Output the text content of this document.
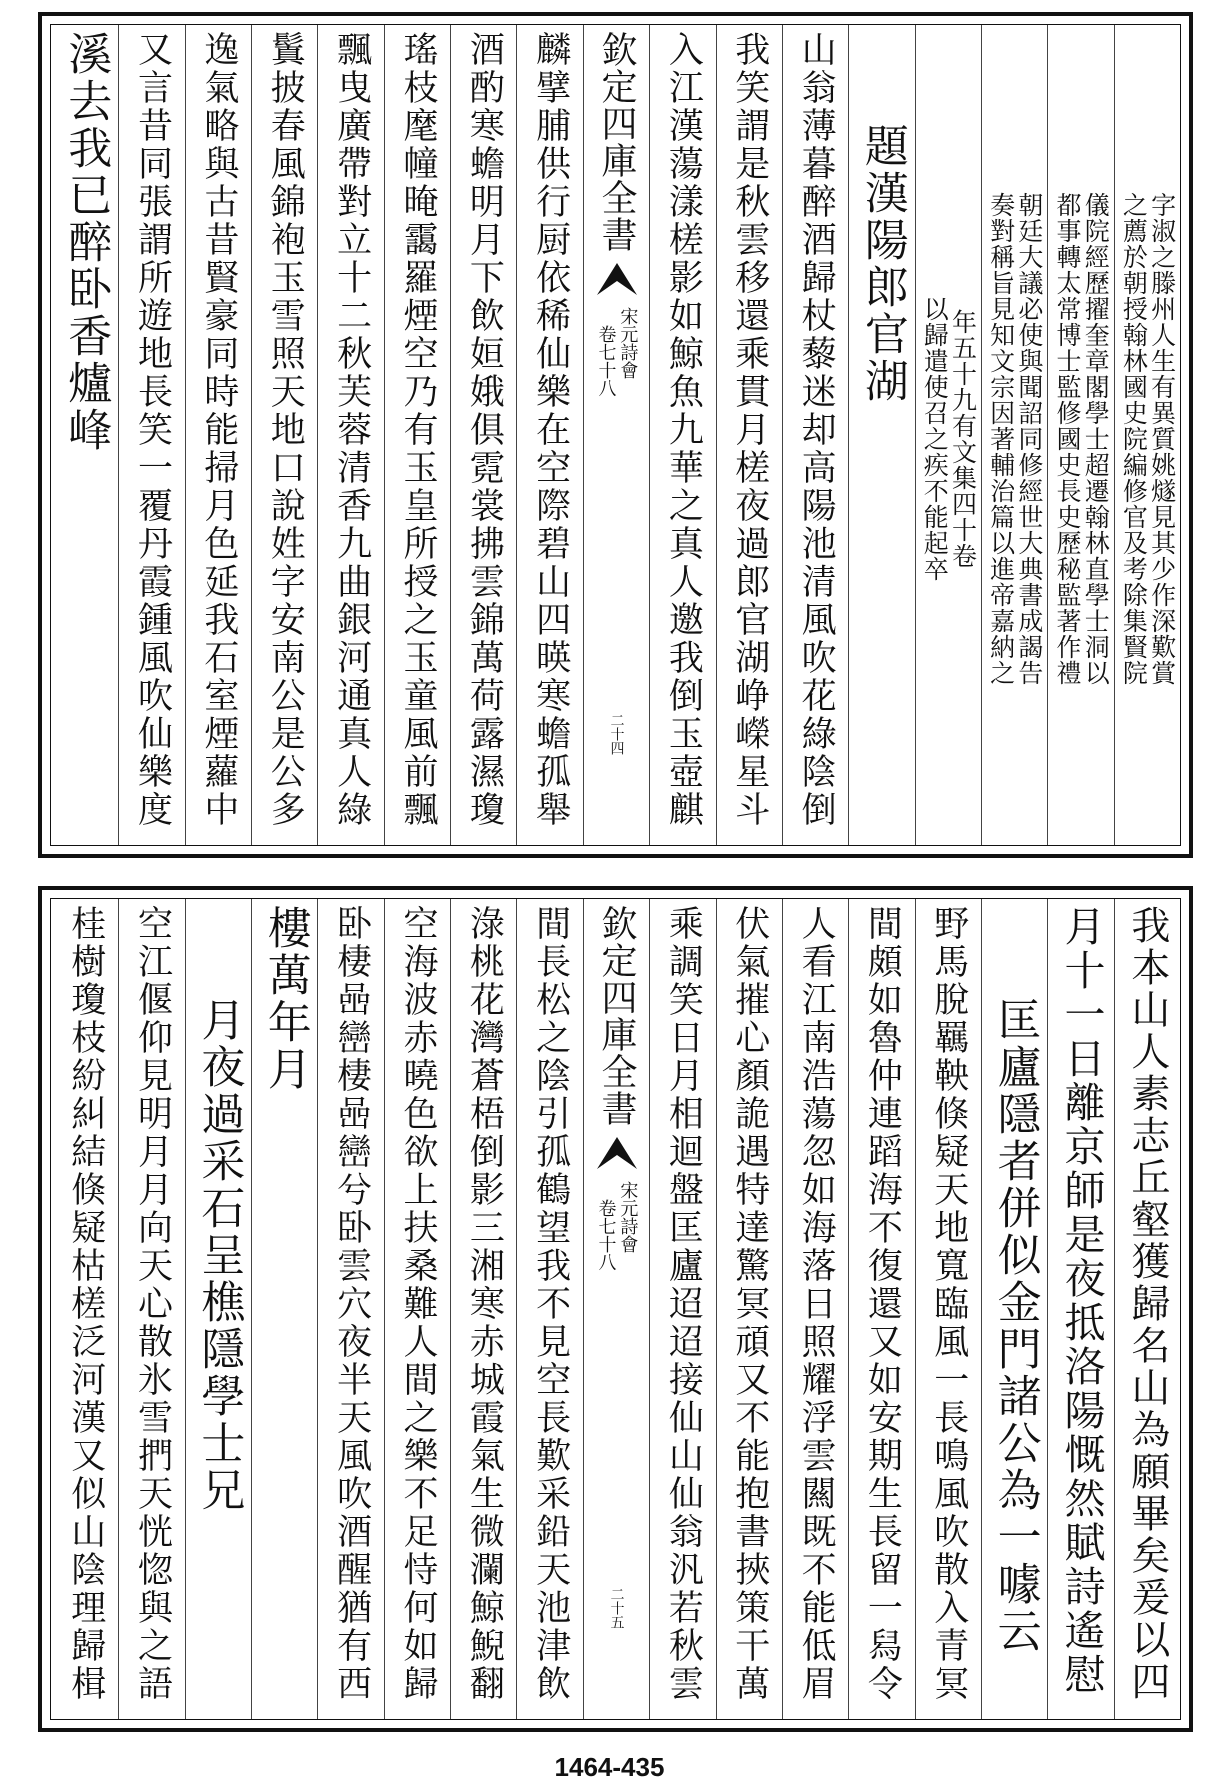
字淑之滕州人生有異質姚燧見其少作深歎賞
之薦於朝授翰林國史院編修官及考除集賢院
儀院經歷擢奎章閣學士超遷翰林直學士洞以
都事轉太常博士監修國史長史歷秘監著作禮
朝廷大議必使與聞詔同修經世大典書成謁告
奏對稱旨見知文宗因著輔治篇以進帝嘉納之
年五十九有文集四十卷
以歸遣使召之疾不能起卒
題漢陽郎官湖
山翁薄暮醉酒歸杖藜迷却高陽池清風吹花綠陰倒
我笑謂是秋雲移還乘貫月槎夜過郎官湖峥嶸星斗
入江漢蕩漾槎影如鯨魚九華之真人邀我倒玉壺麒
欽定四庫全書
宋元詩會
卷七十八
二十四
麟擘脯供行厨依稀仙樂在空際碧山四暎寒蟾孤舉
酒酌寒蟾明月下飲姮娥俱霓裳拂雲錦萬荷露濕瓊
瑤枝麾幢晻靄羅煙空乃有玉皇所授之玉童風前飄
飄曳廣帶對立十二秋芙蓉清香九曲銀河通真人綠
鬒披春風錦袍玉雪照天地口說姓字安南公是公多
逸氣略與古昔賢豪同時能掃月色延我石室煙蘿中
又言昔同張謂所遊地長笑一覆丹霞鍾風吹仙樂度
溪去我已醉卧香爐峰
我本山人素志丘壑獲歸名山為願畢矣爰以四
月十一日離京師是夜抵洛陽慨然賦詩遙慰
匡廬隱者併似金門諸公為一噱云
野馬脫羈鞅倏疑天地寬臨風一長鳴風吹散入青冥
間頗如魯仲連蹈海不復還又如安期生長留一舄令
人看江南浩蕩忽如海落日照耀浮雲闗既不能低眉
伏氣摧心顏詭遇特達驚冥頑又不能抱書挾策干萬
乘調笑日月相迴盤匡廬迢迢接仙山仙翁汎若秋雲
欽定四庫全書
宋元詩會
卷七十八
二十五
間長松之陰引孤鶴望我不見空長歎采鉛天池津飲
淥桃花灣蒼梧倒影三湘寒赤城霞氣生微瀾鯨鯢翻
空海波赤曉色欲上扶桑難人間之樂不足恃何如歸
卧棲喦巒棲喦巒兮卧雲穴夜半天風吹酒醒猶有西
樓萬年月
月夜過采石呈樵隱學士兄
空江偃仰見明月月向天心散氷雪捫天恍惚與之語
桂樹瓊枝紛糾結倏疑枯槎泛河漢又似山陰理歸楫
1464-435
